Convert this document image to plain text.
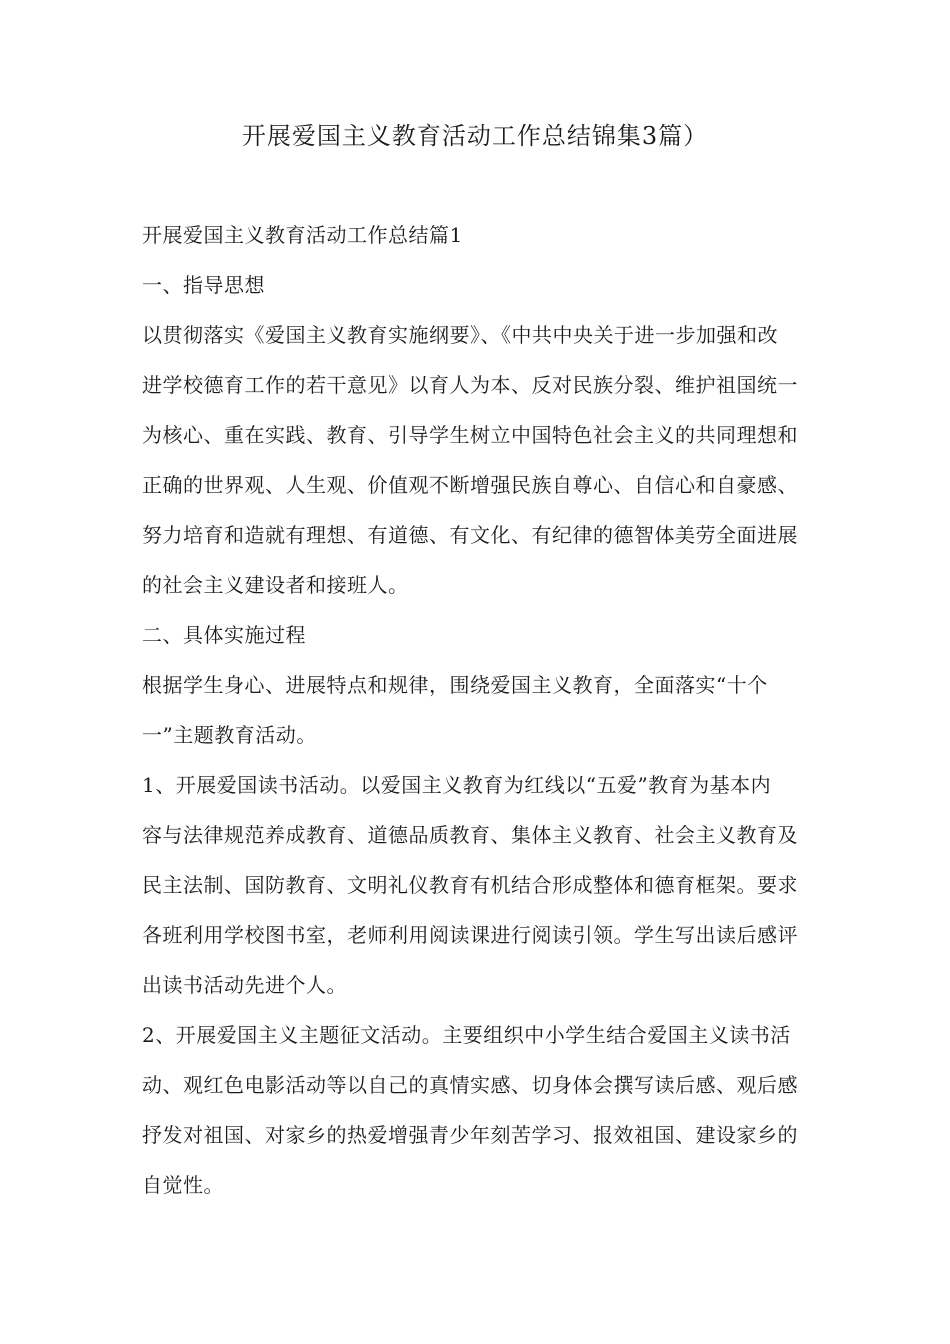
开展爱国主义教育活动工作总结锦集3篇）

开展爱国主义教育活动工作总结篇1

一、指导思想

以贯彻落实《爱国主义教育实施纲要》、《中共中央关于进一步加强和改

进学校德育工作的若干意见》以育人为本、反对民族分裂、维护祖国统一

为核心、重在实践、教育、引导学生树立中国特色社会主义的共同理想和

正确的世界观、人生观、价值观不断增强民族自尊心、自信心和自豪感、

努力培育和造就有理想、有道德、有文化、有纪律的德智体美劳全面进展

的社会主义建设者和接班人。

二、具体实施过程

根据学生身心、进展特点和规律，围绕爱国主义教育，全面落实“十个

一”主题教育活动。

1、开展爱国读书活动。以爱国主义教育为红线以“五爱”教育为基本内

容与法律规范养成教育、道德品质教育、集体主义教育、社会主义教育及

民主法制、国防教育、文明礼仪教育有机结合形成整体和德育框架。要求

各班利用学校图书室，老师利用阅读课进行阅读引领。学生写出读后感评

出读书活动先进个人。

2、开展爱国主义主题征文活动。主要组织中小学生结合爱国主义读书活

动、观红色电影活动等以自己的真情实感、切身体会撰写读后感、观后感

抒发对祖国、对家乡的热爱增强青少年刻苦学习、报效祖国、建设家乡的

自觉性。
